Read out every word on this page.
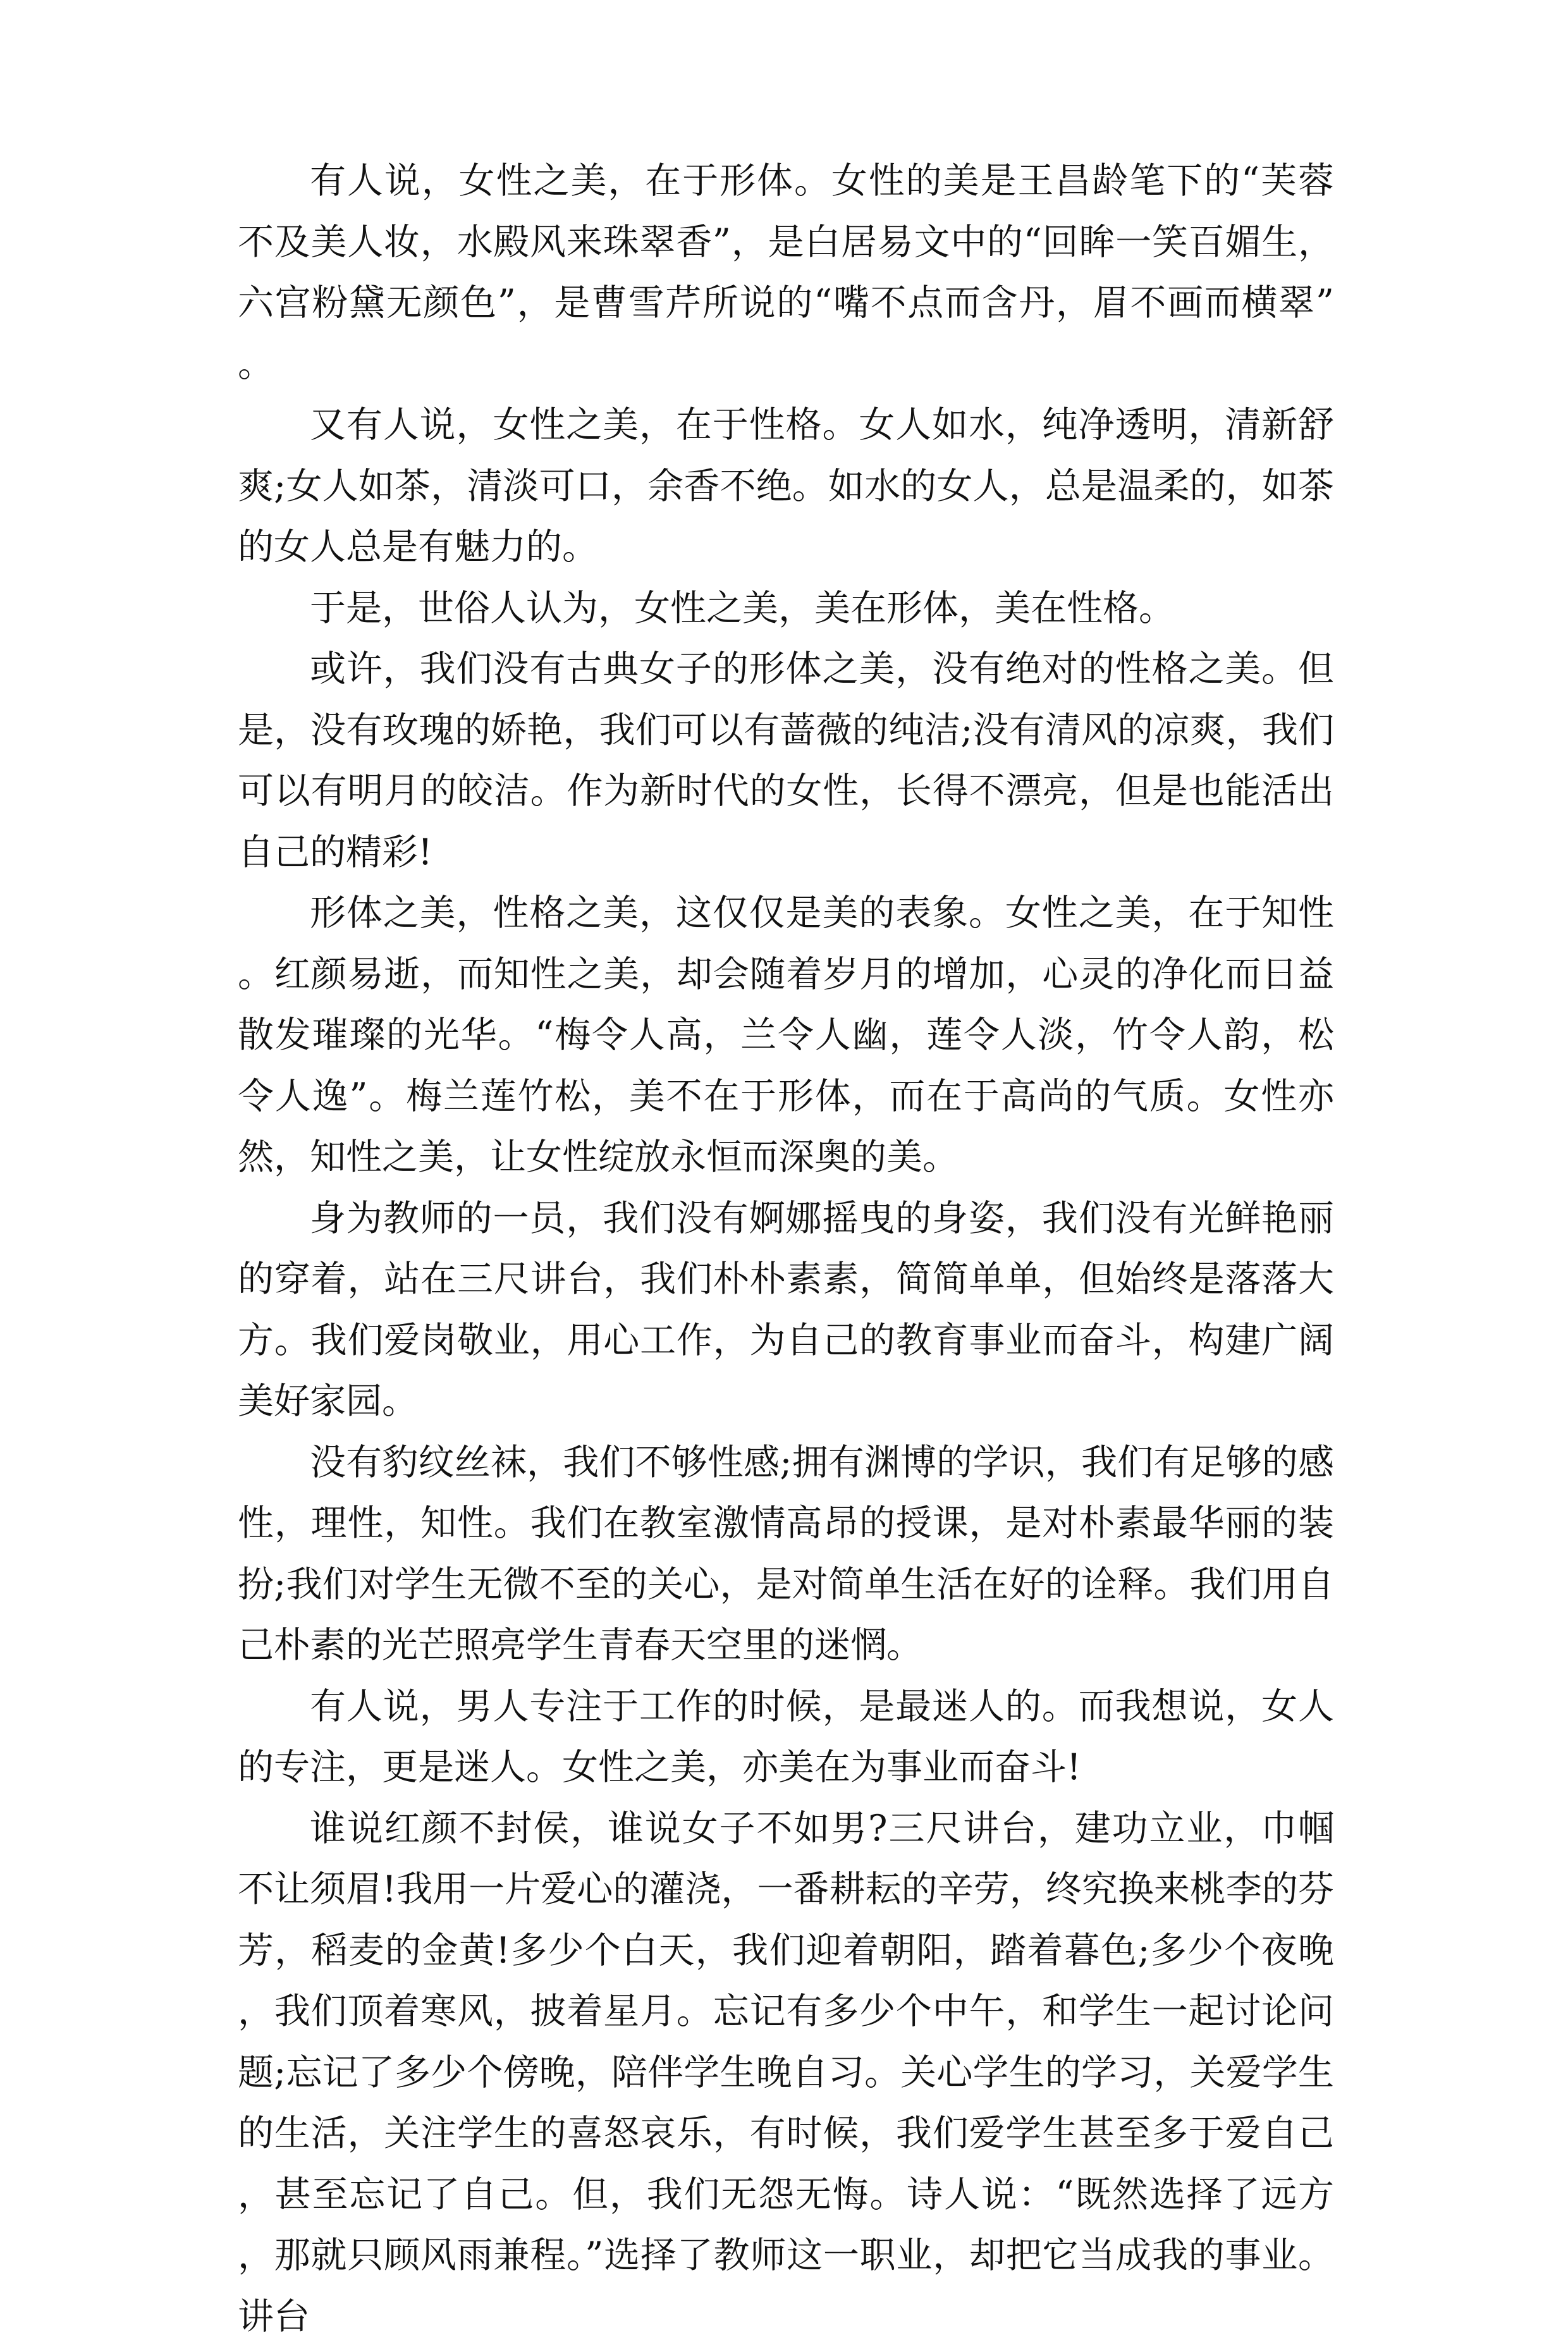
有人说，女性之美，在于形体。女性的美是王昌龄笔下的“芙蓉不及美人妆，水殿风来珠翠香”，是白居易文中的“回眸一笑百媚生，六宫粉黛无颜色”，是曹雪芹所说的“嘴不点而含丹，眉不画而横翠”。

又有人说，女性之美，在于性格。女人如水，纯净透明，清新舒爽;女人如茶，清淡可口，余香不绝。如水的女人，总是温柔的，如茶的女人总是有魅力的。

于是，世俗人认为，女性之美，美在形体，美在性格。

或许，我们没有古典女子的形体之美，没有绝对的性格之美。但是，没有玫瑰的娇艳，我们可以有蔷薇的纯洁;没有清风的凉爽，我们可以有明月的皎洁。作为新时代的女性，长得不漂亮，但是也能活出自己的精彩!

形体之美，性格之美，这仅仅是美的表象。女性之美，在于知性。红颜易逝，而知性之美，却会随着岁月的增加，心灵的净化而日益散发璀璨的光华。“梅令人高，兰令人幽，莲令人淡，竹令人韵，松令人逸”。梅兰莲竹松，美不在于形体，而在于高尚的气质。女性亦然，知性之美，让女性绽放永恒而深奥的美。

身为教师的一员，我们没有婀娜摇曳的身姿，我们没有光鲜艳丽的穿着，站在三尺讲台，我们朴朴素素，简简单单，但始终是落落大方。我们爱岗敬业，用心工作，为自己的教育事业而奋斗，构建广阔美好家园。

没有豹纹丝袜，我们不够性感;拥有渊博的学识，我们有足够的感性，理性，知性。我们在教室激情高昂的授课，是对朴素最华丽的装扮;我们对学生无微不至的关心，是对简单生活在好的诠释。我们用自己朴素的光芒照亮学生青春天空里的迷惘。

有人说，男人专注于工作的时候，是最迷人的。而我想说，女人的专注，更是迷人。女性之美，亦美在为事业而奋斗!

谁说红颜不封侯，谁说女子不如男?三尺讲台，建功立业，巾帼不让须眉!我用一片爱心的灌浇，一番耕耘的辛劳，终究换来桃李的芬芳，稻麦的金黄!多少个白天，我们迎着朝阳，踏着暮色;多少个夜晚，我们顶着寒风，披着星月。忘记有多少个中午，和学生一起讨论问题;忘记了多少个傍晚，陪伴学生晚自习。关心学生的学习，关爱学生的生活，关注学生的喜怒哀乐，有时候，我们爱学生甚至多于爱自己，甚至忘记了自己。但，我们无怨无悔。诗人说：“既然选择了远方，那就只顾风雨兼程。”选择了教师这一职业，却把它当成我的事业。讲台
